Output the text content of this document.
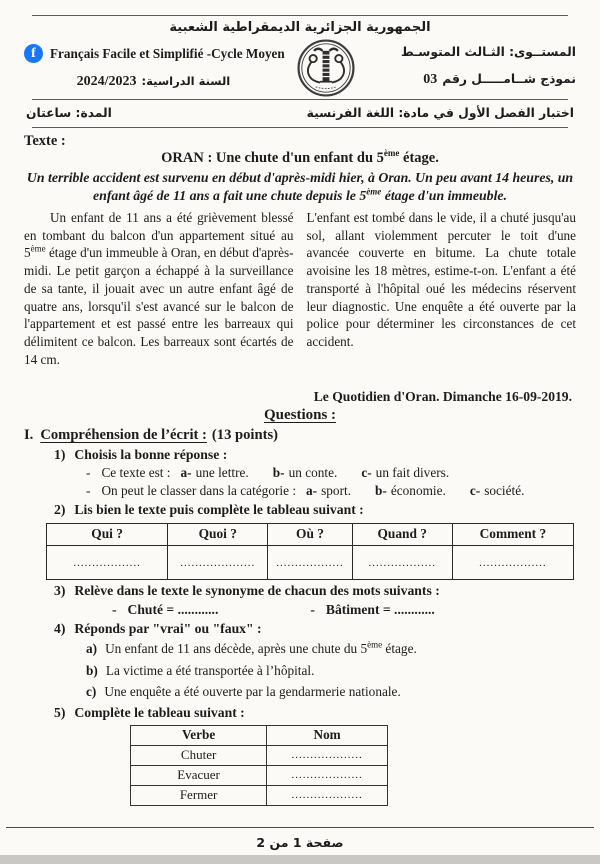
الجمهورية الجزائرية الديمقراطية الشعبية
f Français Facile et Simplifié -Cycle Moyen
السنة الدراسية:2024/2023
المستــوى: الثـالث المتوسـط
نموذج شــامـــــل رقم03
اختبار الفصل الأول في مادة: اللغة الفرنسية
المدة: ساعتان
Texte :
ORAN : Une chute d'un enfant du 5ème étage.
Un terrible accident est survenu en début d'après-midi hier, à Oran. Un peu avant 14 heures, un enfant âgé de 11 ans a fait une chute depuis le 5ème étage d'un immeuble.

Un enfant de 11 ans a été grièvement blessé en tombant du balcon d'un appartement situé au 5ème étage d'un immeuble à Oran, en début d'après-midi. Le petit garçon a échappé à la surveillance de sa tante, il jouait avec un autre enfant âgé de quatre ans, lorsqu'il s'est avancé sur le balcon de l'appartement et est passé entre les barreaux qui délimitent ce balcon. Les barreaux sont écartés de 14 cm.

L'enfant est tombé dans le vide, il a chuté jusqu'au sol, allant violemment percuter le toit d'une avancée couverte en bitume. La chute totale avoisine les 18 mètres, estime-t-on. L'enfant a été transporté à l'hôpital oué les médecins réservent leur diagnostic. Une enquête a été ouverte par la police pour déterminer les circonstances de cet accident.

Le Quotidien d'Oran. Dimanche 16-09-2019.
Questions :
I. Compréhension de l’écrit : (13 points)
1) Choisis la bonne réponse :
- Ce texte est : a- une lettre. b- un conte. c- un fait divers.
- On peut le classer dans la catégorie : a- sport. b- économie. c- société.
2) Lis bien le texte puis complète le tableau suivant :
Qui ?	Quoi ?	Où ?	Quand ?	Comment ?
..................	....................	..................	..................	..................
3) Relève dans le texte le synonyme de chacun des mots suivants :
- Chuté = ............	- Bâtiment = ............
4) Réponds par "vrai" ou "faux" :
a) Un enfant de 11 ans décède, après une chute du 5ème étage.
b) La victime a été transportée à l’hôpital.
c) Une enquête a été ouverte par la gendarmerie nationale.
5) Complète le tableau suivant :
Verbe	Nom
Chuter	...................
Evacuer	...................
Fermer	...................
صفحة 1 من 2
